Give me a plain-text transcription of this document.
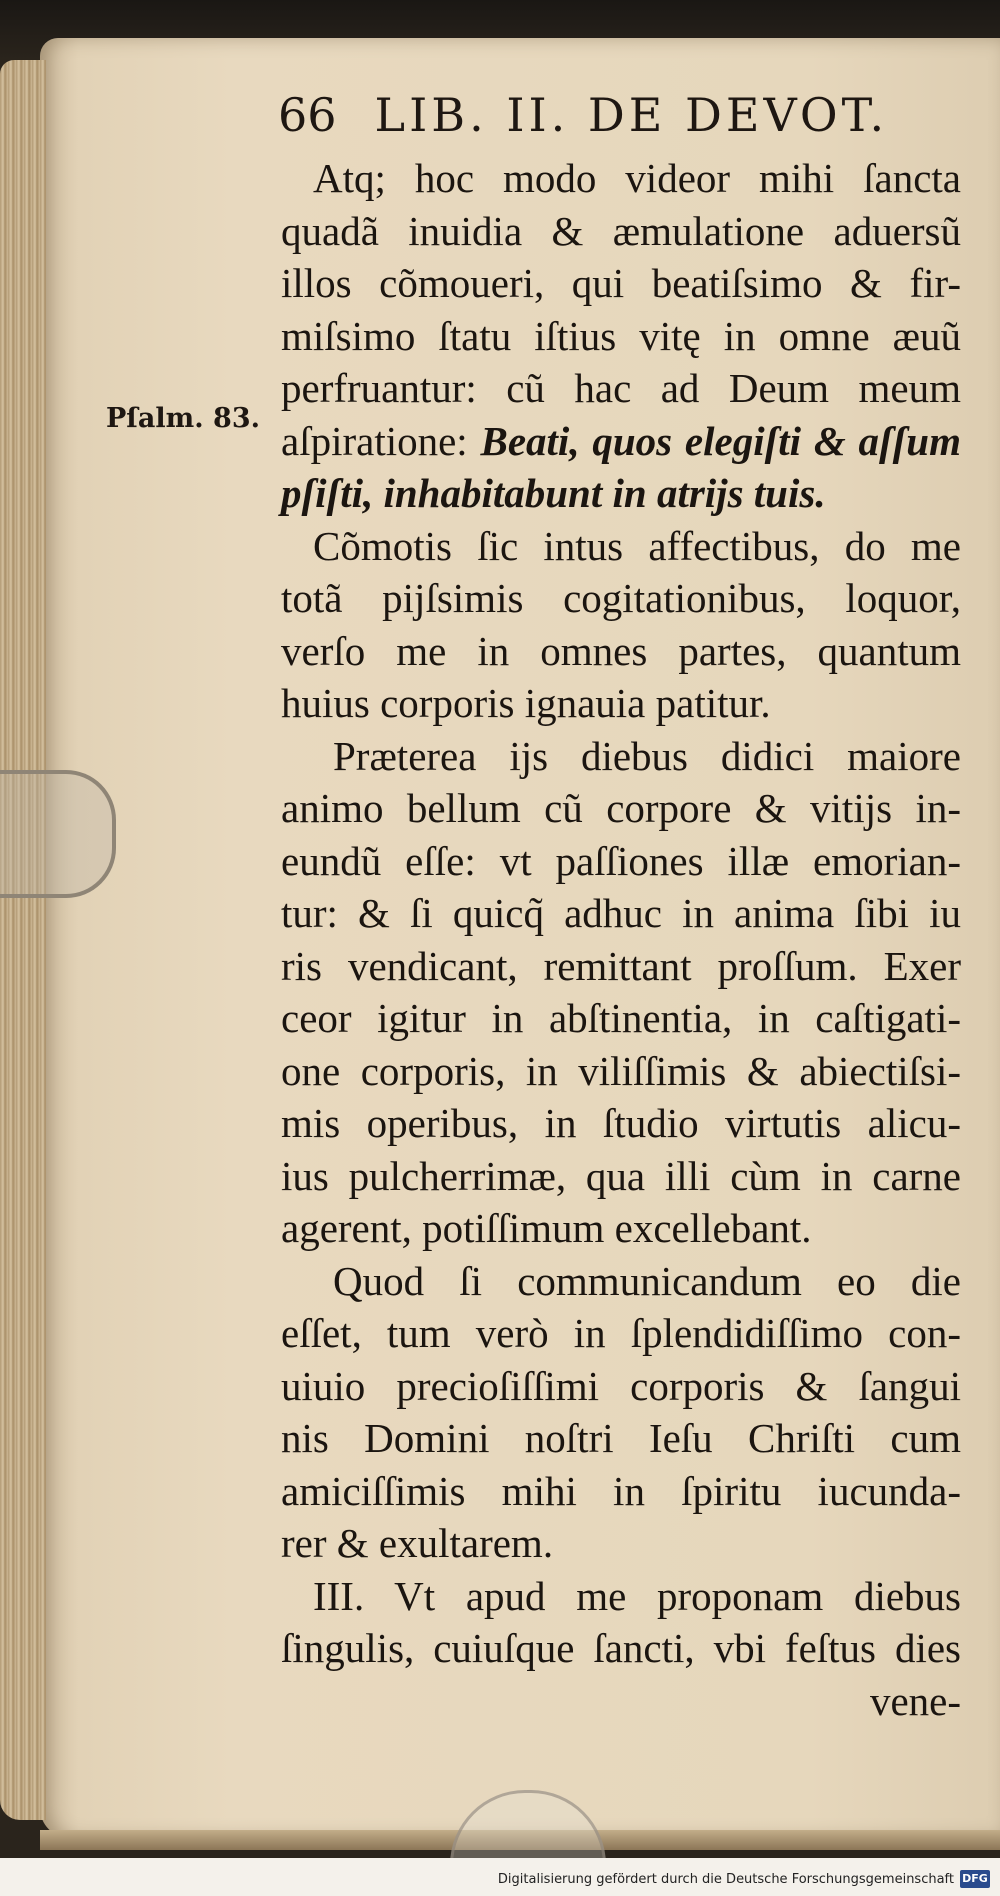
66 LIB. II. DE DEVOT.
Pſalm. 83.
Atq; hoc modo videor mihi ſancta
quadã inuidia & æmulatione aduersũ
illos cõmoueri, qui beatiſsimo & fir-
miſsimo ſtatu iſtius vitę in omne æuũ
perfruantur: cũ hac ad Deum meum
aſpiratione: Beati, quos elegiſti & aſſum
pſiſti, inhabitabunt in atrijs tuis.
Cõmotis ſic intus affectibus, do me
totã pijſsimis cogitationibus, loquor,
verſo me in omnes partes, quantum
huius corporis ignauia patitur.
Præterea ijs diebus didici maiore
animo bellum cũ corpore & vitijs in-
eundũ eſſe: vt paſſiones illæ emorian-
tur: & ſi quicq̃ adhuc in anima ſibi iu
ris vendicant, remittant proſſum. Exer
ceor igitur in abſtinentia, in caſtigati-
one corporis, in viliſſimis & abiectiſsi-
mis operibus, in ſtudio virtutis alicu-
ius pulcherrimæ, qua illi cùm in carne
agerent, potiſſimum excellebant.
Quod ſi communicandum eo die
eſſet, tum verò in ſplendidiſſimo con-
uiuio precioſiſſimi corporis & ſangui
nis Domini noſtri Ieſu Chriſti cum
amiciſſimis mihi in ſpiritu iucunda-
rer & exultarem.
III. Vt apud me proponam diebus
ſingulis, cuiuſque ſancti, vbi feſtus dies
vene-
Digitalisierung gefördert durch die Deutsche Forschungsgemeinschaft DFG
